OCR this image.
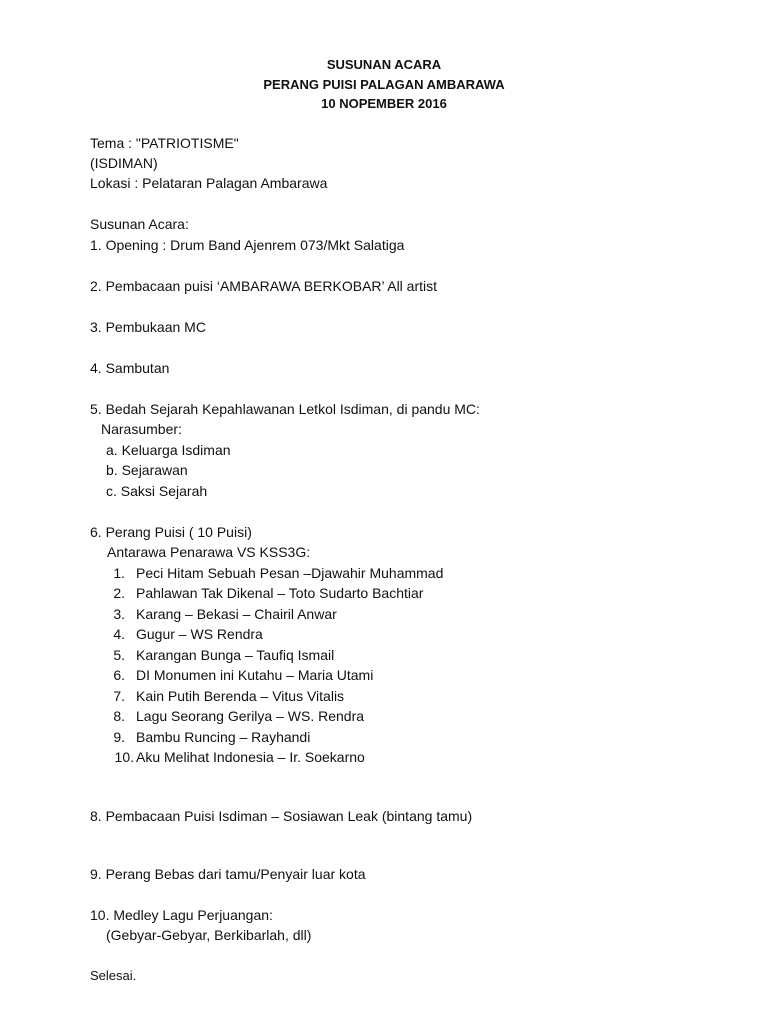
SUSUNAN ACARA
PERANG PUISI PALAGAN AMBARAWA
10 NOPEMBER 2016
Tema : "PATRIOTISME"
(ISDIMAN)
Lokasi : Pelataran Palagan Ambarawa
Susunan Acara:
1. Opening : Drum Band Ajenrem 073/Mkt Salatiga
2. Pembacaan puisi ‘AMBARAWA BERKOBAR’ All artist
3. Pembukaan MC
4. Sambutan
5. Bedah Sejarah Kepahlawanan Letkol Isdiman, di pandu MC:
Narasumber:
a. Keluarga Isdiman
b. Sejarawan
c. Saksi Sejarah
6. Perang Puisi ( 10 Puisi)
Antarawa Penarawa VS KSS3G:
1. Peci Hitam Sebuah Pesan –Djawahir Muhammad
2. Pahlawan Tak Dikenal – Toto Sudarto Bachtiar
3. Karang – Bekasi – Chairil Anwar
4. Gugur – WS Rendra
5. Karangan Bunga – Taufiq Ismail
6. DI Monumen ini Kutahu – Maria Utami
7. Kain Putih Berenda – Vitus Vitalis
8. Lagu Seorang Gerilya – WS. Rendra
9. Bambu Runcing – Rayhandi
10. Aku Melihat Indonesia – Ir. Soekarno
8. Pembacaan Puisi Isdiman – Sosiawan Leak (bintang tamu)
9. Perang Bebas dari tamu/Penyair luar kota
10. Medley Lagu Perjuangan:
(Gebyar-Gebyar, Berkibarlah, dll)
Selesai.
